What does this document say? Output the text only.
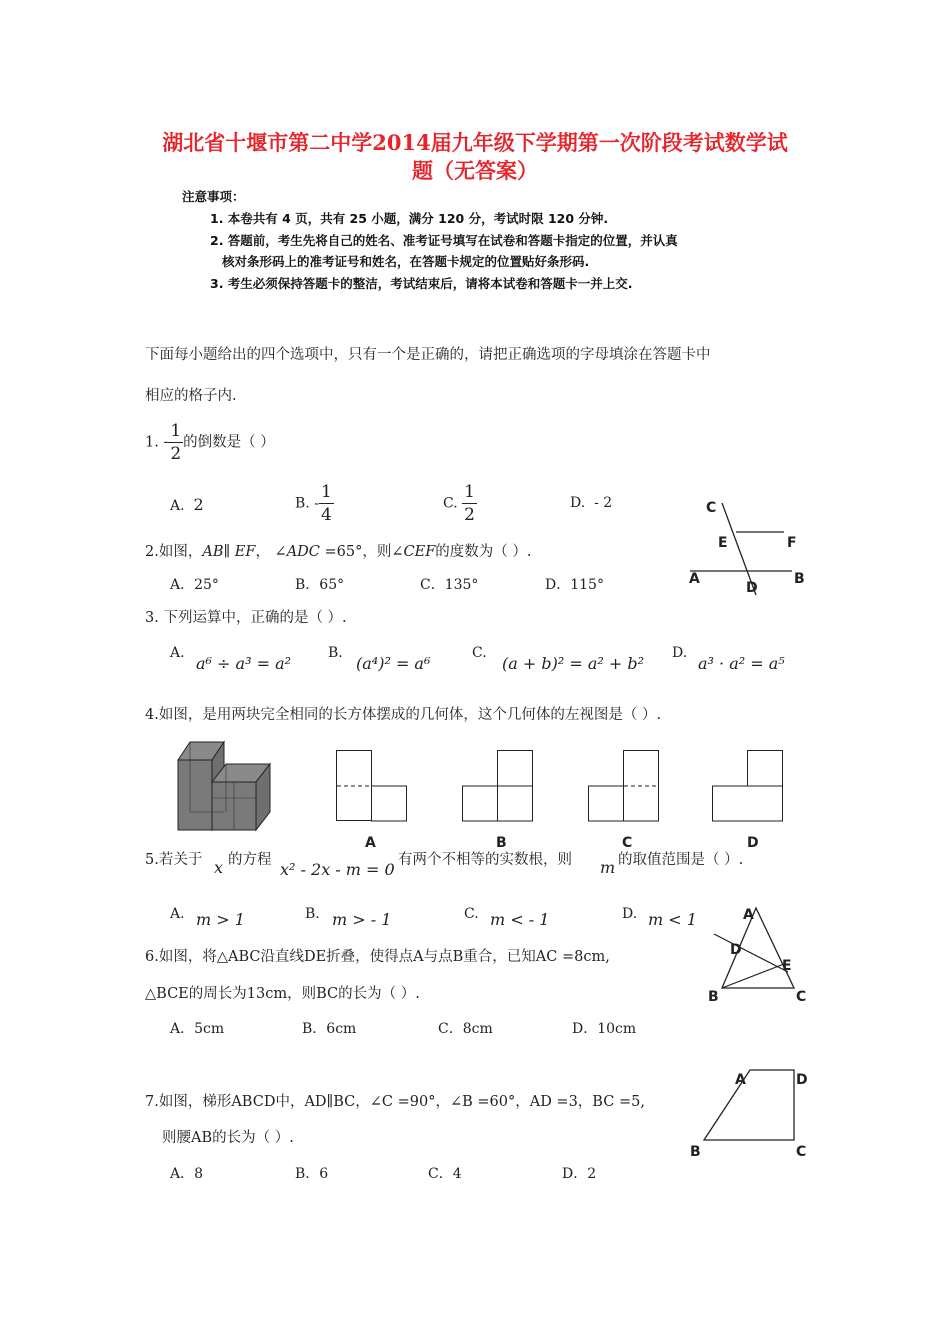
湖北省十堰市第二中学2014届九年级下学期第一次阶段考试数学试
题（无答案）
注意事项：
1. 本卷共有 4 页，共有 25 小题，满分 120 分，考试时限 120 分钟.
2. 答题前，考生先将自己的姓名、准考证号填写在试卷和答题卡指定的位置，并认真
核对条形码上的准考证号和姓名，在答题卡规定的位置贴好条形码.
3. 考生必须保持答题卡的整洁，考试结束后，请将本试卷和答题卡一并上交.
下面每小题给出的四个选项中，只有一个是正确的，请把正确选项的字母填涂在答题卡中
相应的格子内.
1. - $\frac{1}{2}$ 的倒数是（ ）
A. 2	B. - $\frac{1}{4}$	C. $\frac{1}{2}$	D. - 2	C
E	F
A
D
B
2.如图，AB∥ EF， ∠ADC =65°，则∠CEF的度数为（ ）.
A．25°	B．65°	C．135°	D．115°
3. 下列运算中，正确的是（ ）.
A.
a⁶ ÷ a³ = a²
B.
(a⁴)² = a⁶
C.
(a + b)² = a² + b²
D.
a³ · a² = a⁵
4.如图，是用两块完全相同的长方体摆成的几何体，这个几何体的左视图是（ ）.
A	B	C	D
5.若关于 x 的方程 x² - 2x - m = 0 有两个不相等的实数根，则 m 的取值范围是（ ）.
A. m > 1	B. m > - 1	C. m < - 1	D. m < 1	A
D
E
B	C
6.如图，将△ABC沿直线DE折叠，使得点A与点B重合，已知AC =8cm,
△BCE的周长为13cm，则BC的长为（ ）.
A．5cm	B．6cm	C．8cm	D．10cm
A	D
B	C
7.如图，梯形ABCD中，AD∥BC，∠C =90°，∠B =60°，AD =3，BC =5,
则腰AB的长为（ ）.
A．8	B．6	C．4	D．2
